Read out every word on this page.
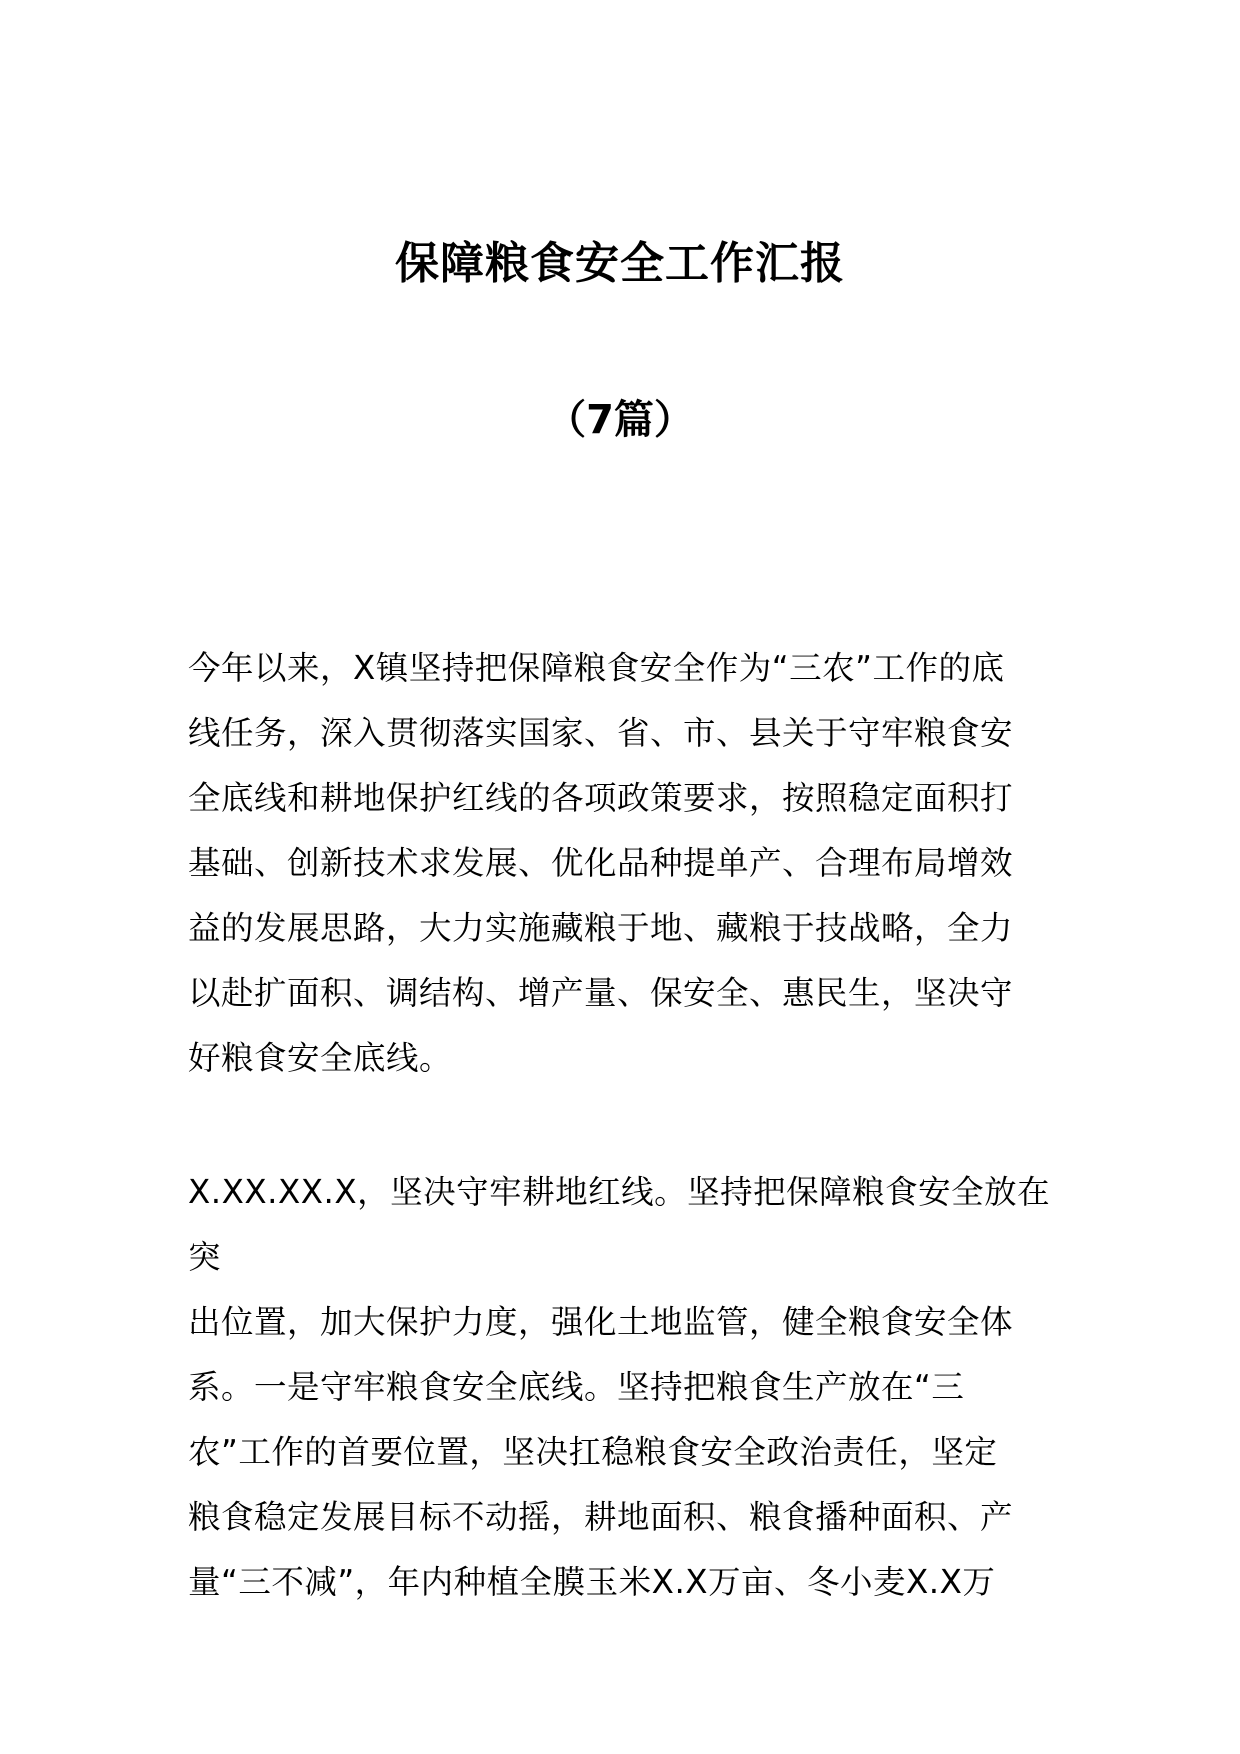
保障粮食安全工作汇报
（7篇）

今年以来，X镇坚持把保障粮食安全作为“三农”工作的底
线任务，深入贯彻落实国家、省、市、县关于守牢粮食安
全底线和耕地保护红线的各项政策要求，按照稳定面积打
基础、创新技术求发展、优化品种提单产、合理布局增效
益的发展思路，大力实施藏粮于地、藏粮于技战略，全力
以赴扩面积、调结构、增产量、保安全、惠民生，坚决守
好粮食安全底线。

X.XX.XX.X，坚决守牢耕地红线。坚持把保障粮食安全放在突
出位置，加大保护力度，强化土地监管，健全粮食安全体
系。一是守牢粮食安全底线。坚持把粮食生产放在“三
农”工作的首要位置，坚决扛稳粮食安全政治责任，坚定
粮食稳定发展目标不动摇，耕地面积、粮食播种面积、产
量“三不减”，年内种植全膜玉米X.X万亩、冬小麦X.X万
